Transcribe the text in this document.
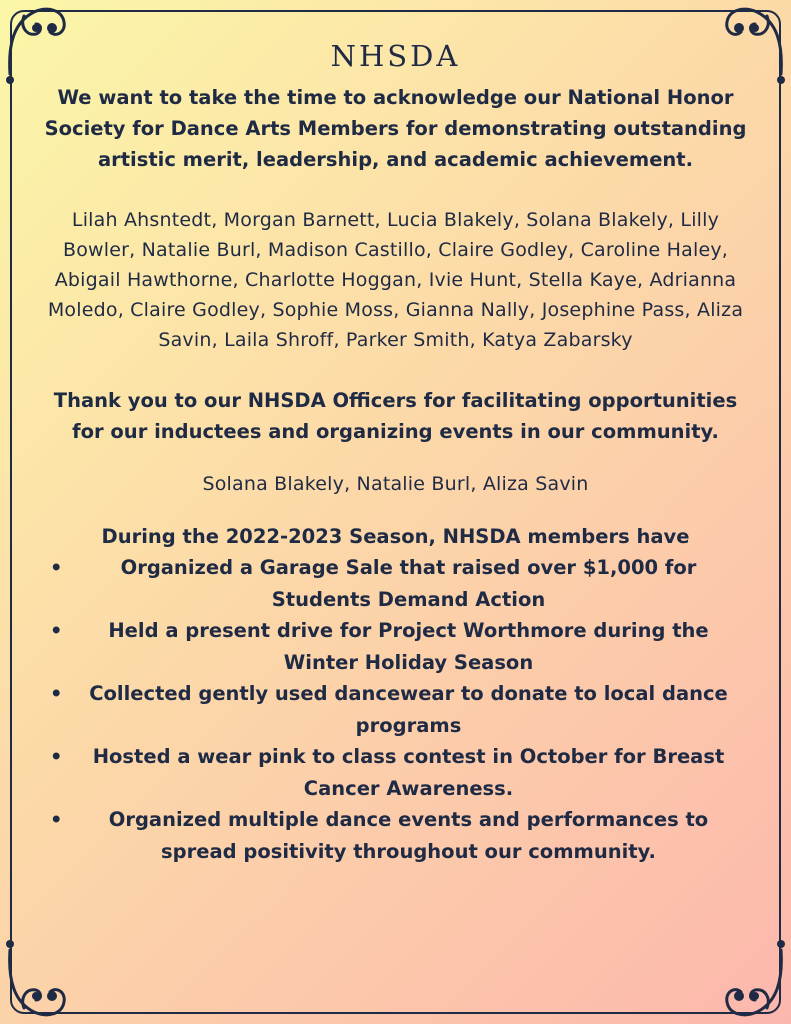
NHSDA

We want to take the time to acknowledge our National Honor Society for Dance Arts Members for demonstrating outstanding artistic merit, leadership, and academic achievement.

Lilah Ahsntedt, Morgan Barnett, Lucia Blakely, Solana Blakely, Lilly Bowler, Natalie Burl, Madison Castillo, Claire Godley, Caroline Haley, Abigail Hawthorne, Charlotte Hoggan, Ivie Hunt, Stella Kaye, Adrianna Moledo, Claire Godley, Sophie Moss, Gianna Nally, Josephine Pass, Aliza Savin, Laila Shroff, Parker Smith, Katya Zabarsky

Thank you to our NHSDA Officers for facilitating opportunities for our inductees and organizing events in our community.

Solana Blakely, Natalie Burl, Aliza Savin

During the 2022-2023 Season, NHSDA members have

•	Organized a Garage Sale that raised over $1,000 for Students Demand Action
• Held a present drive for Project Worthmore during the Winter Holiday Season
• Collected gently used dancewear to donate to local dance programs
• Hosted a wear pink to class contest in October for Breast Cancer Awareness.
• Organized multiple dance events and performances to spread positivity throughout our community.
